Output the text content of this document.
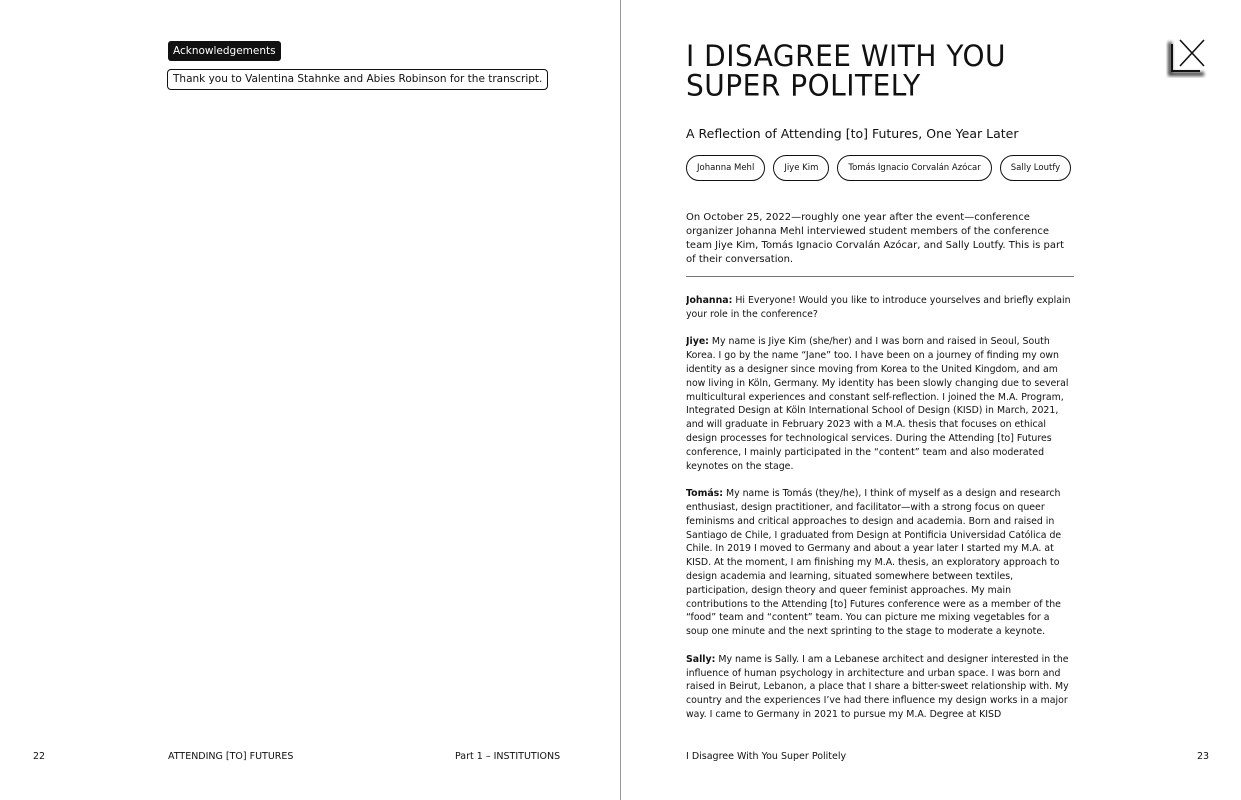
Acknowledgements
Thank you to Valentina Stahnke and Abies Robinson for the transcript.
22	ATTENDING [TO] FUTURES	Part 1 – INSTITUTIONS
I DISAGREE WITH YOU
SUPER POLITELY
A Reflection of Attending [to] Futures, One Year Later
Johanna Mehl	Jiye Kim	Tomás Ignacio Corvalán Azócar	Sally Loutfy

On October 25, 2022—roughly one year after the event—conference organizer Johanna Mehl interviewed student members of the conference team Jiye Kim, Tomás Ignacio Corvalán Azócar, and Sally Loutfy. This is part of their conversation.

Johanna: Hi Everyone! Would you like to introduce yourselves and briefly explain your role in the conference?

Jiye: My name is Jiye Kim (she/her) and I was born and raised in Seoul, South Korea. I go by the name “Jane” too. I have been on a journey of finding my own identity as a designer since moving from Korea to the United Kingdom, and am now living in Köln, Germany. My identity has been slowly changing due to several multicultural experiences and constant self-reflection. I joined the M.A. Program, Integrated Design at Köln International School of Design (KISD) in March, 2021, and will graduate in February 2023 with a M.A. thesis that focuses on ethical design processes for technological services. During the Attending [to] Futures conference, I mainly participated in the “content” team and also moderated keynotes on the stage.

Tomás: My name is Tomás (they/he), I think of myself as a design and research enthusiast, design practitioner, and facilitator—with a strong focus on queer feminisms and critical approaches to design and academia. Born and raised in Santiago de Chile, I graduated from Design at Pontificia Universidad Católica de Chile. In 2019 I moved to Germany and about a year later I started my M.A. at KISD. At the moment, I am finishing my M.A. thesis, an exploratory approach to design academia and learning, situated somewhere between textiles, participation, design theory and queer feminist approaches. My main contributions to the Attending [to] Futures conference were as a member of the “food” team and “content” team. You can picture me mixing vegetables for a soup one minute and the next sprinting to the stage to moderate a keynote.

Sally: My name is Sally. I am a Lebanese architect and designer interested in the influence of human psychology in architecture and urban space. I was born and raised in Beirut, Lebanon, a place that I share a bitter-sweet relationship with. My country and the experiences I’ve had there influence my design works in a major way. I came to Germany in 2021 to pursue my M.A. Degree at KISD

I Disagree With You Super Politely	23
